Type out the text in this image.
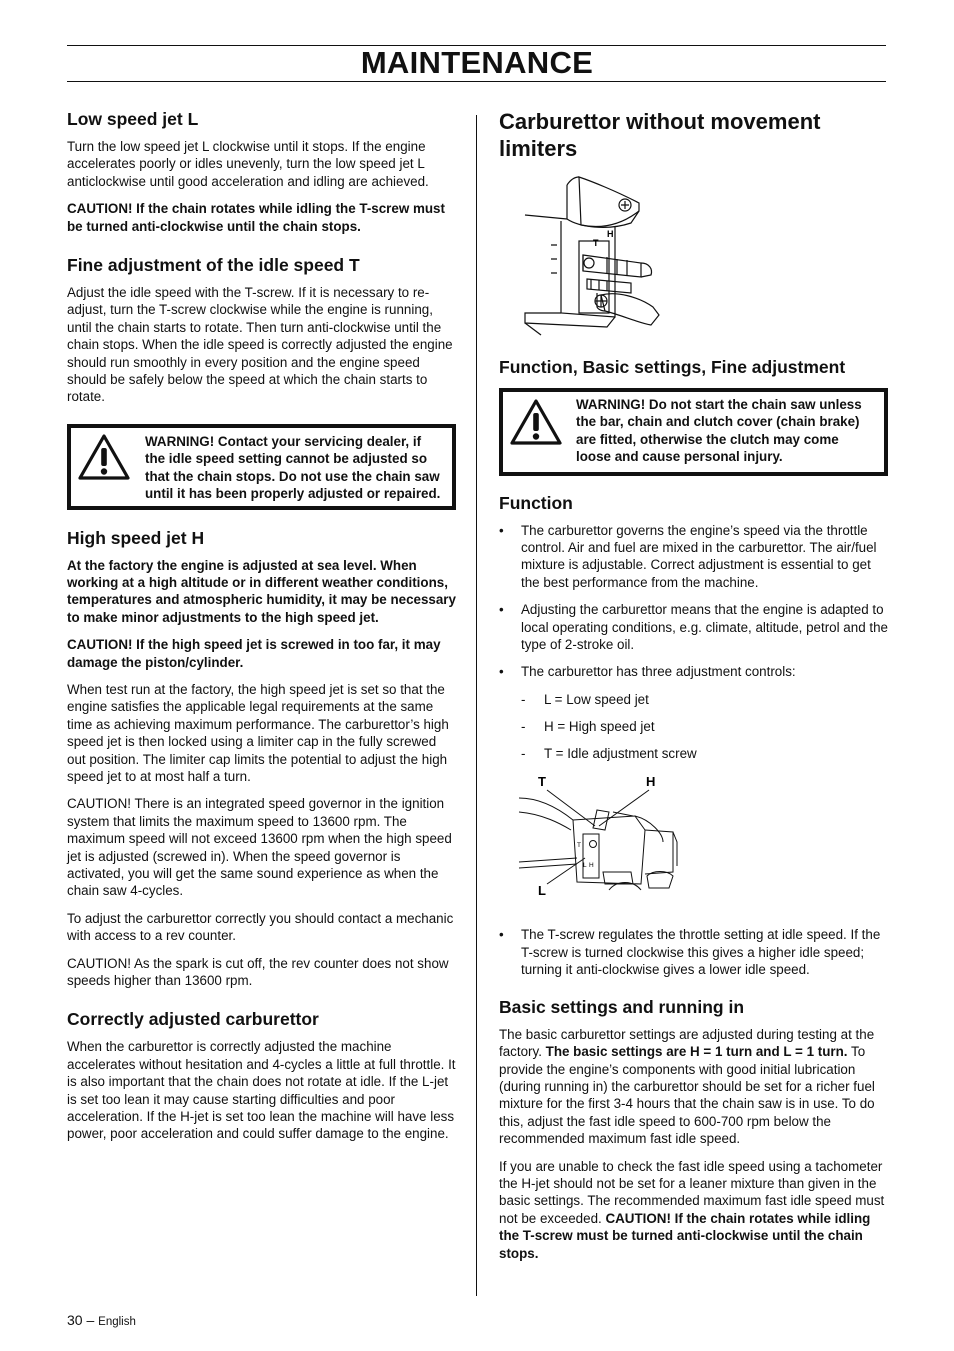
MAINTENANCE
Low speed jet L

Turn the low speed jet L clockwise until it stops. If the engine accelerates poorly or idles unevenly, turn the low speed jet L anticlockwise until good acceleration and idling are achieved.

CAUTION! If the chain rotates while idling the T-screw must be turned anti-clockwise until the chain stops.

Fine adjustment of the idle speed T

Adjust the idle speed with the T-screw. If it is necessary to re-adjust, turn the T-screw clockwise while the engine is running, until the chain starts to rotate. Then turn anti-clockwise until the chain stops. When the idle speed is correctly adjusted the engine should run smoothly in every position and the engine speed should be safely below the speed at which the chain starts to rotate.

WARNING! Contact your servicing dealer, if the idle speed setting cannot be adjusted so that the chain stops. Do not use the chain saw until it has been properly adjusted or repaired.
High speed jet H

At the factory the engine is adjusted at sea level. When working at a high altitude or in different weather conditions, temperatures and atmospheric humidity, it may be necessary to make minor adjustments to the high speed jet.

CAUTION! If the high speed jet is screwed in too far, it may damage the piston/cylinder.

When test run at the factory, the high speed jet is set so that the engine satisfies the applicable legal requirements at the same time as achieving maximum performance. The carburettor’s high speed jet is then locked using a limiter cap in the fully screwed out position. The limiter cap limits the potential to adjust the high speed jet to at most half a turn.

CAUTION! There is an integrated speed governor in the ignition system that limits the maximum speed to 13600 rpm. The maximum speed will not exceed 13600 rpm when the high speed jet is adjusted (screwed in). When the speed governor is activated, you will get the same sound experience as when the chain saw 4-cycles.

To adjust the carburettor correctly you should contact a mechanic with access to a rev counter.

CAUTION! As the spark is cut off, the rev counter does not show speeds higher than 13600 rpm.

Correctly adjusted carburettor

When the carburettor is correctly adjusted the machine accelerates without hesitation and 4-cycles a little at full throttle. It is also important that the chain does not rotate at idle. If the L-jet is set too lean it may cause starting difficulties and poor acceleration. If the H-jet is set too lean the machine will have less power, poor acceleration and could suffer damage to the engine.

Carburettor without movement limiters
T
H
Function, Basic settings, Fine adjustment
WARNING! Do not start the chain saw unless the bar, chain and clutch cover (chain brake) are fitted, otherwise the clutch may come loose and cause personal injury.
Function
• The carburettor governs the engine’s speed via the throttle control. Air and fuel are mixed in the carburettor. The air/fuel mixture is adjustable. Correct adjustment is essential to get the best performance from the machine.
• Adjusting the carburettor means that the engine is adapted to local operating conditions, e.g. climate, altitude, petrol and the type of 2-stroke oil.
• The carburettor has three adjustment controls:
- L = Low speed jet
- H = High speed jet
- T = Idle adjustment screw
T	H
L
T
L H
• The T-screw regulates the throttle setting at idle speed. If the T-screw is turned clockwise this gives a higher idle speed; turning it anti-clockwise gives a lower idle speed.
Basic settings and running in

The basic carburettor settings are adjusted during testing at the factory. The basic settings are H = 1 turn and L = 1 turn. To provide the engine’s components with good initial lubrication (during running in) the carburettor should be set for a richer fuel mixture for the first 3-4 hours that the chain saw is in use. To do this, adjust the fast idle speed to 600-700 rpm below the recommended maximum fast idle speed.

If you are unable to check the fast idle speed using a tachometer the H-jet should not be set for a leaner mixture than given in the basic settings. The recommended maximum fast idle speed must not be exceeded. CAUTION! If the chain rotates while idling the T-screw must be turned anti-clockwise until the chain stops.

30 – English
